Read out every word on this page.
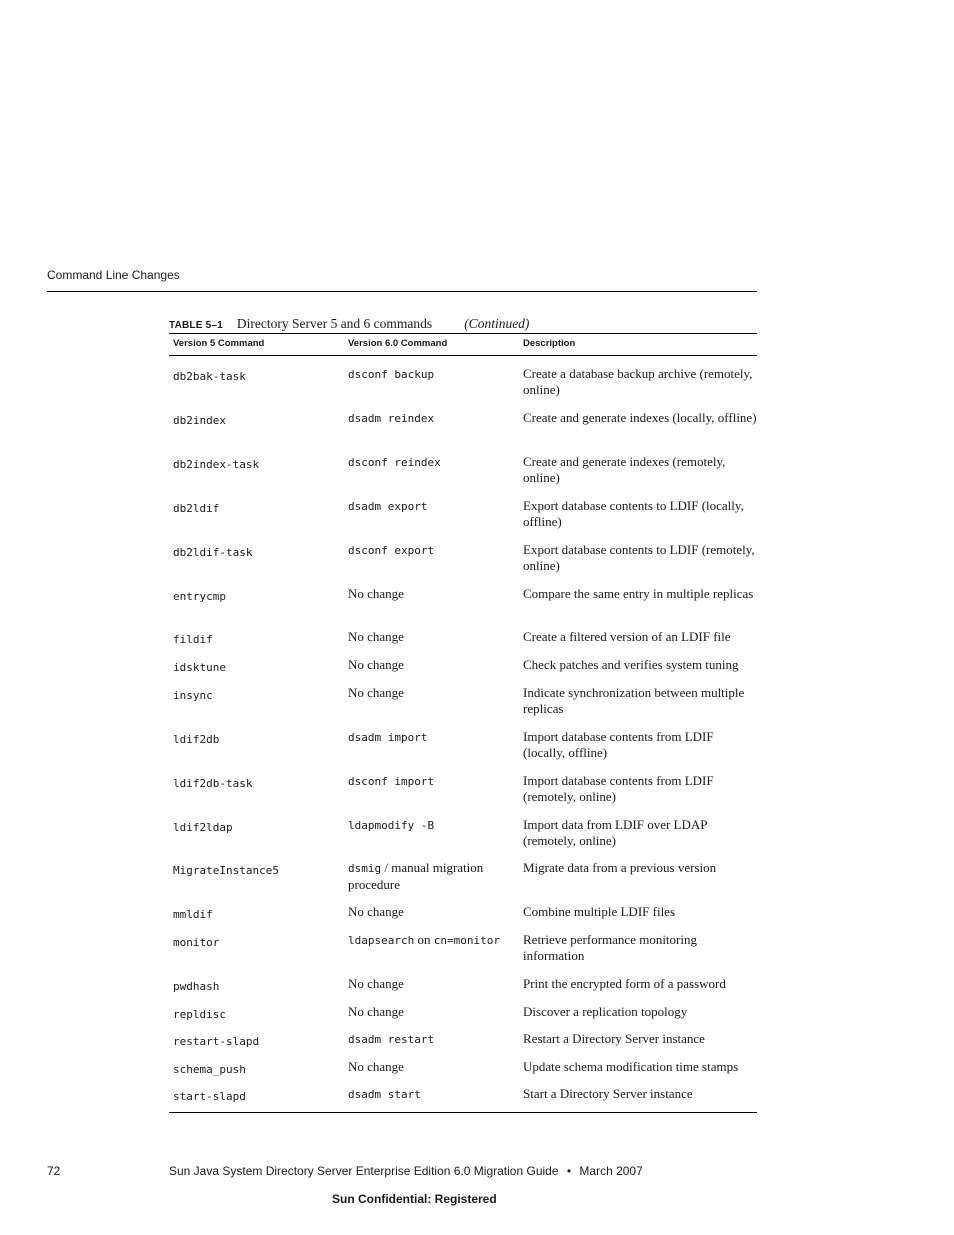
Command Line Changes
TABLE 5–1 Directory Server 5 and 6 commands (Continued)
Version 5 Command	Version 6.0 Command	Description
db2bak-task	dsconf backup	Create a database backup archive (remotely, online)
db2index	dsadm reindex	Create and generate indexes (locally, offline)
db2index-task	dsconf reindex	Create and generate indexes (remotely, online)
db2ldif	dsadm export	Export database contents to LDIF (locally, offline)
db2ldif-task	dsconf export	Export database contents to LDIF (remotely, online)
entrycmp	No change	Compare the same entry in multiple replicas
fildif	No change	Create a filtered version of an LDIF file
idsktune	No change	Check patches and verifies system tuning
insync	No change	Indicate synchronization between multiple replicas
ldif2db	dsadm import	Import database contents from LDIF (locally, offline)
ldif2db-task	dsconf import	Import database contents from LDIF (remotely, online)
ldif2ldap	ldapmodify -B	Import data from LDIF over LDAP (remotely, online)
MigrateInstance5	dsmig / manual migration procedure	Migrate data from a previous version
mmldif	No change	Combine multiple LDIF files
monitor	ldapsearch on cn=monitor	Retrieve performance monitoring information
pwdhash	No change	Print the encrypted form of a password
repldisc	No change	Discover a replication topology
restart-slapd	dsadm restart	Restart a Directory Server instance
schema_push	No change	Update schema modification time stamps
start-slapd	dsadm start	Start a Directory Server instance
72	Sun Java System Directory Server Enterprise Edition 6.0 Migration Guide • March 2007
Sun Confidential: Registered
